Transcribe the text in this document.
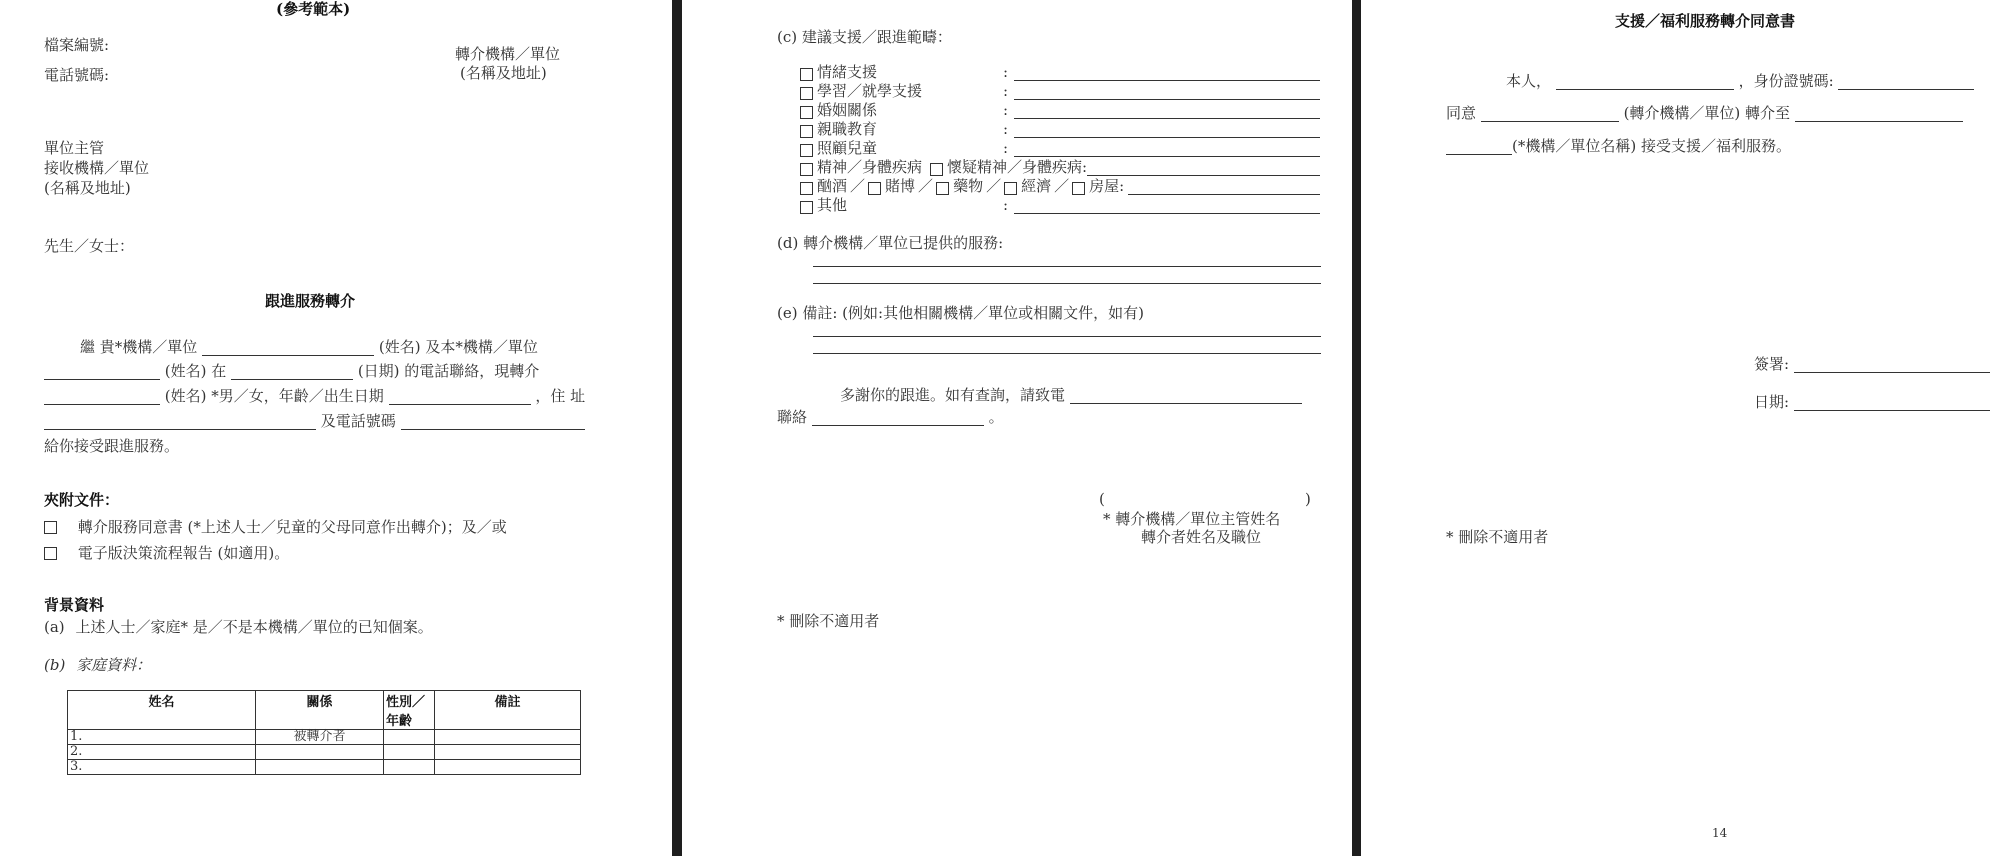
(參考範本)
檔案編號:
電話號碼:
轉介機構／單位
(名稱及地址)
單位主管
接收機構／單位
(名稱及地址)
先生／女士：
跟進服務轉介
繼 貴*機構／單位	(姓名) 及本*機構／單位
(姓名) 在	(日期) 的電話聯絡，現轉介
(姓名) *男／女，年齡／出生日期	，住 址
及電話號碼
給你接受跟進服務。
夾附文件：
轉介服務同意書 (*上述人士／兒童的父母同意作出轉介)；及／或
電子版決策流程報告 (如適用)。
背景資料
(a) 上述人士／家庭* 是／不是本機構／單位的已知個案。
(b) 家庭資料：
姓名	關係	性別／年齡	備註
1.	被轉介者		
2.			
3.			
(c) 建議支援／跟進範疇：
情緒支援	:
學習／就學支援	:
婚姻關係	:
親職教育	:
照顧兒童	:
精神／身體疾病 懷疑精神／身體疾病:
酗酒 ／ 賭博 ／ 藥物 ／ 經濟 ／ 房屋:
其他	:
(d) 轉介機構／單位已提供的服務:
(e) 備註: (例如:其他相關機構／單位或相關文件，如有)
多謝你的跟進。如有查詢，請致電
聯絡	。
(	)
* 轉介機構／單位主管姓名
轉介者姓名及職位
* 刪除不適用者
支援／福利服務轉介同意書
本人，	，身份證號碼:
同意	(轉介機構／單位) 轉介至
(*機構／單位名稱) 接受支援／福利服務。
簽署:
日期:
* 刪除不適用者
14
